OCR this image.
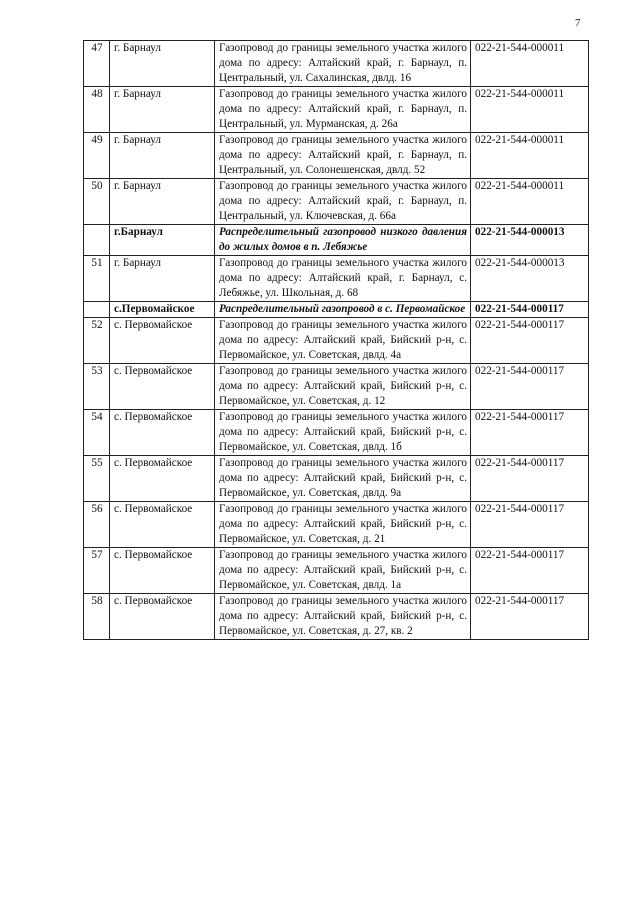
7
47	г. Барнаул	Газопровод до границы земельного участка жилого дома по адресу: Алтайский край, г. Барнаул, п. Центральный, ул. Сахалинская, двлд. 16	022-21-544-000011
48	г. Барнаул	Газопровод до границы земельного участка жилого дома по адресу: Алтайский край, г. Барнаул, п. Центральный, ул. Мурманская, д. 26а	022-21-544-000011
49	г. Барнаул	Газопровод до границы земельного участка жилого дома по адресу: Алтайский край, г. Барнаул, п. Центральный, ул. Солонешенская, двлд. 52	022-21-544-000011
50	г. Барнаул	Газопровод до границы земельного участка жилого дома по адресу: Алтайский край, г. Барнаул, п. Центральный, ул. Ключевская, д. 66а	022-21-544-000011
	г.Барнаул	Распределительный газопровод низкого давления до жилых домов в п. Лебяжье	022-21-544-000013
51	г. Барнаул	Газопровод до границы земельного участка жилого дома по адресу: Алтайский край, г. Барнаул, с. Лебяжье, ул. Школьная, д. 68	022-21-544-000013
	с.Первомайское	Распределительный газопровод в с. Первомайское	022-21-544-000117
52	с. Первомайское	Газопровод до границы земельного участка жилого дома по адресу: Алтайский край, Бийский р-н, с. Первомайское, ул. Советская, двлд. 4а	022-21-544-000117
53	с. Первомайское	Газопровод до границы земельного участка жилого дома по адресу: Алтайский край, Бийский р-н, с. Первомайское, ул. Советская, д. 12	022-21-544-000117
54	с. Первомайское	Газопровод до границы земельного участка жилого дома по адресу: Алтайский край, Бийский р-н, с. Первомайское, ул. Советская, двлд. 1б	022-21-544-000117
55	с. Первомайское	Газопровод до границы земельного участка жилого дома по адресу: Алтайский край, Бийский р-н, с. Первомайское, ул. Советская, двлд. 9а	022-21-544-000117
56	с. Первомайское	Газопровод до границы земельного участка жилого дома по адресу: Алтайский край, Бийский р-н, с. Первомайское, ул. Советская, д. 21	022-21-544-000117
57	с. Первомайское	Газопровод до границы земельного участка жилого дома по адресу: Алтайский край, Бийский р-н, с. Первомайское, ул. Советская, двлд. 1а	022-21-544-000117
58	с. Первомайское	Газопровод до границы земельного участка жилого дома по адресу: Алтайский край, Бийский р-н, с. Первомайское, ул. Советская, д. 27, кв. 2	022-21-544-000117
